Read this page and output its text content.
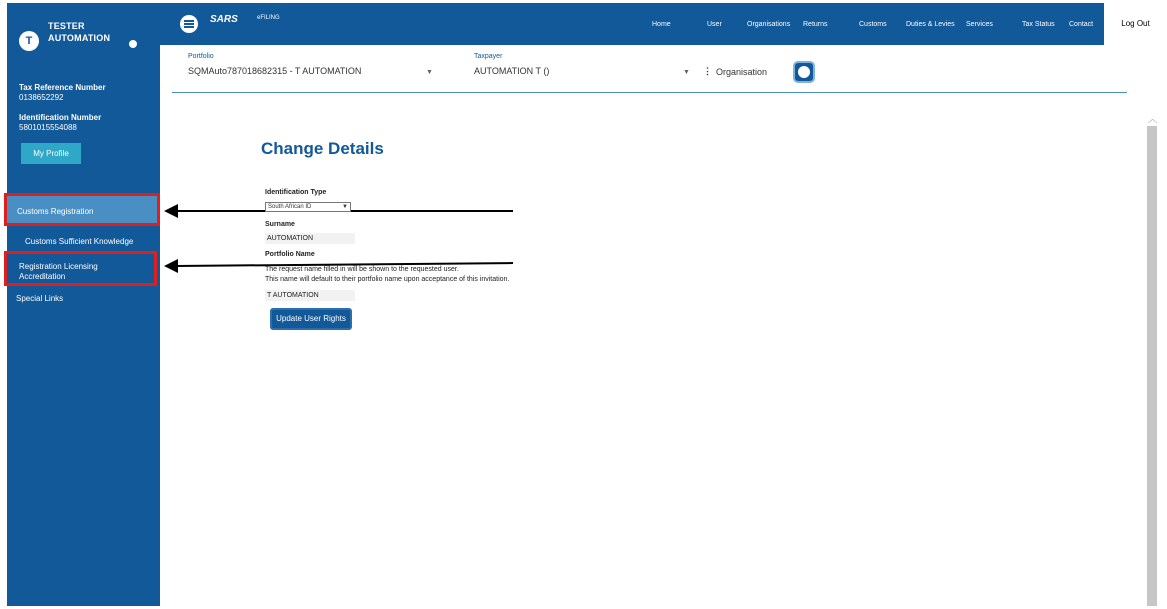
T
TESTER
AUTOMATION
Tax Reference Number
0138652292
Identification Number
5801015554088
My Profile
Customs Registration
Customs Sufficient Knowledge
Registration Licensing
Accreditation
Special Links
SARS	eFILING
Home	User	Organisations Returns	Customs	Duties & Levies Services	Tax Status Contact	Log Out
Portfolio
SQMAuto787018682315 - T AUTOMATION	▼
Taxpayer
AUTOMATION T ()	▼ ⋮ Organisation
︿
Change Details
Identification Type
South African ID	▼
Surname
AUTOMATION
Portfolio Name
The request name filled in will be shown to the requested user.
This name will default to their portfolio name upon acceptance of this invitation.
T AUTOMATION
Update User Rights
